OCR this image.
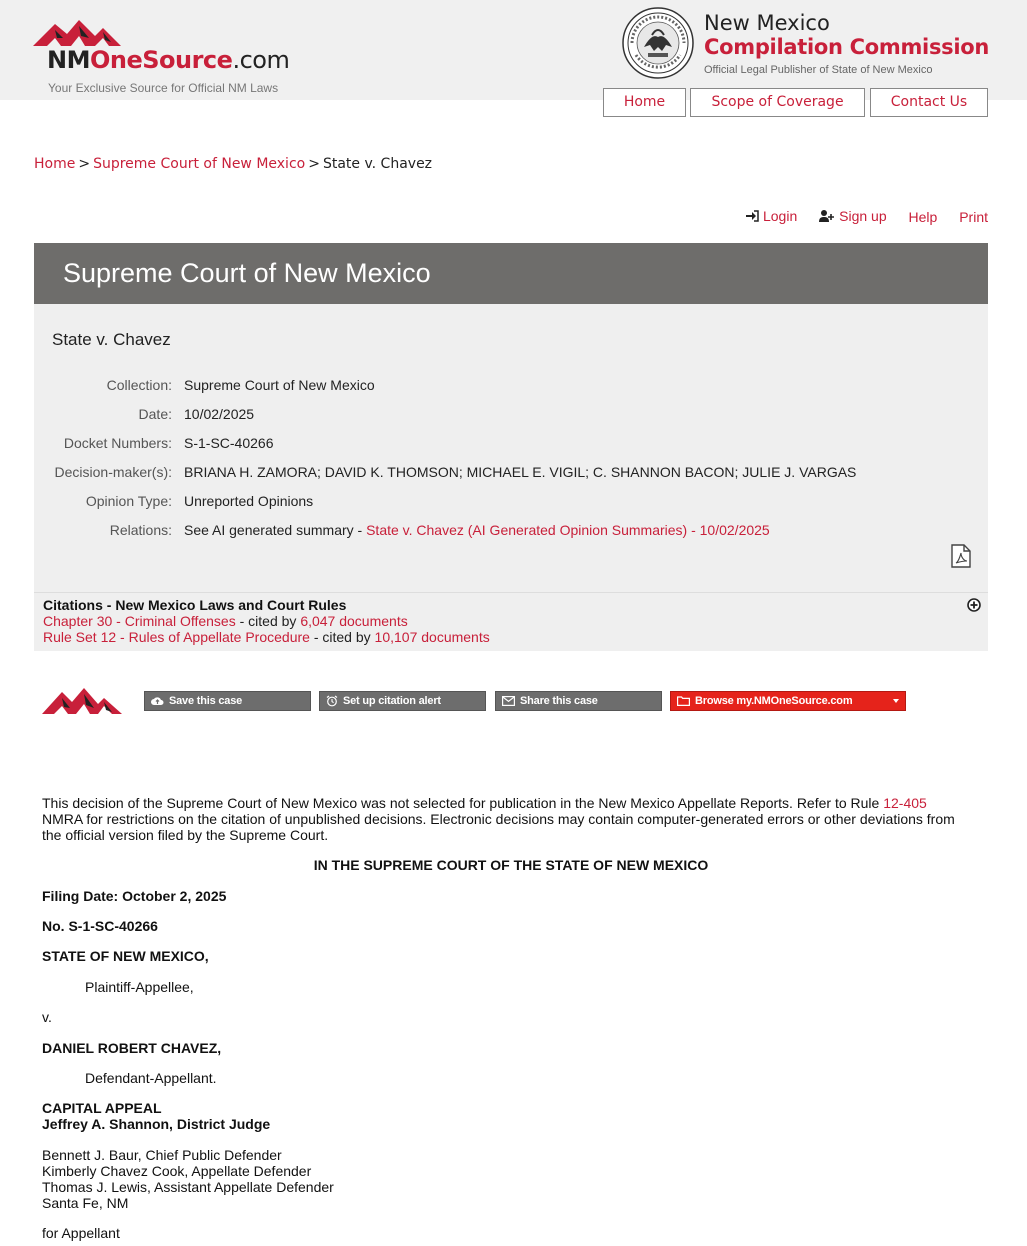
NMOneSource.com
Your Exclusive Source for Official NM Laws
New Mexico
Compilation Commission
Official Legal Publisher of State of New Mexico
Home	Scope of Coverage	Contact Us
Home > Supreme Court of New Mexico > State v. Chavez
Login
	Sign up Help Print
Supreme Court of New Mexico
State v. Chavez
Collection: Supreme Court of New Mexico
Date: 10/02/2025
Docket Numbers: S-1-SC-40266
Decision-maker(s): BRIANA H. ZAMORA; DAVID K. THOMSON; MICHAEL E. VIGIL; C. SHANNON BACON; JULIE J. VARGAS
Opinion Type: Unreported Opinions
Relations: See AI generated summary - State v. Chavez (AI Generated Opinion Summaries) - 10/02/2025
Citations - New Mexico Laws and Court Rules
Chapter 30 - Criminal Offenses - cited by 6,047 documents
Rule Set 12 - Rules of Appellate Procedure - cited by 10,107 documents
Save this case	Set up citation alert	Share this case	Browse my.NMOneSource.com

This decision of the Supreme Court of New Mexico was not selected for publication in the New Mexico Appellate Reports. Refer to Rule 12-405 NMRA for restrictions on the citation of unpublished decisions. Electronic decisions may contain computer-generated errors or other deviations from the official version filed by the Supreme Court.

IN THE SUPREME COURT OF THE STATE OF NEW MEXICO

Filing Date: October 2, 2025

No. S-1-SC-40266

STATE OF NEW MEXICO,

Plaintiff-Appellee,

v.

DANIEL ROBERT CHAVEZ,

Defendant-Appellant.

CAPITAL APPEAL

Jeffrey A. Shannon, District Judge

Bennett J. Baur, Chief Public Defender

Kimberly Chavez Cook, Appellate Defender

Thomas J. Lewis, Assistant Appellate Defender

Santa Fe, NM

for Appellant
